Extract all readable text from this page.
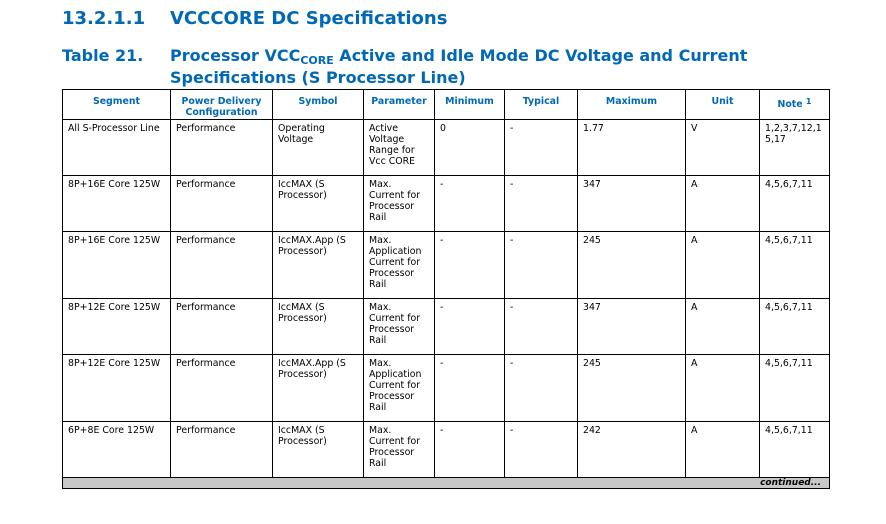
13.2.1.1 VCCCORE DC Specifications
Table 21. Processor $VCC_{CORE}$ Active and Idle Mode DC Voltage and Current Specifications (S Processor Line)
Segment	Power Delivery Configuration	Symbol	Parameter	Minimum	Typical	Maximum	Unit	Note $^1$
All S-Processor Line	Performance	Operating Voltage	Active Voltage Range for Vcc CORE	0	-	1.77	V	1,2,3,7,12,15,17
8P+16E Core 125W	Performance	IccMAX (S Processor)	Max. Current for Processor Rail	-	-	347	A	4,5,6,7,11
8P+16E Core 125W	Performance	IccMAX.App (S Processor)	Max. Application Current for Processor Rail	-	-	245	A	4,5,6,7,11
8P+12E Core 125W	Performance	IccMAX (S Processor)	Max. Current for Processor Rail	-	-	347	A	4,5,6,7,11
8P+12E Core 125W	Performance	IccMAX.App (S Processor)	Max. Application Current for Processor Rail	-	-	245	A	4,5,6,7,11
6P+8E Core 125W	Performance	IccMAX (S Processor)	Max. Current for Processor Rail	-	-	242	A	4,5,6,7,11
continued...								
